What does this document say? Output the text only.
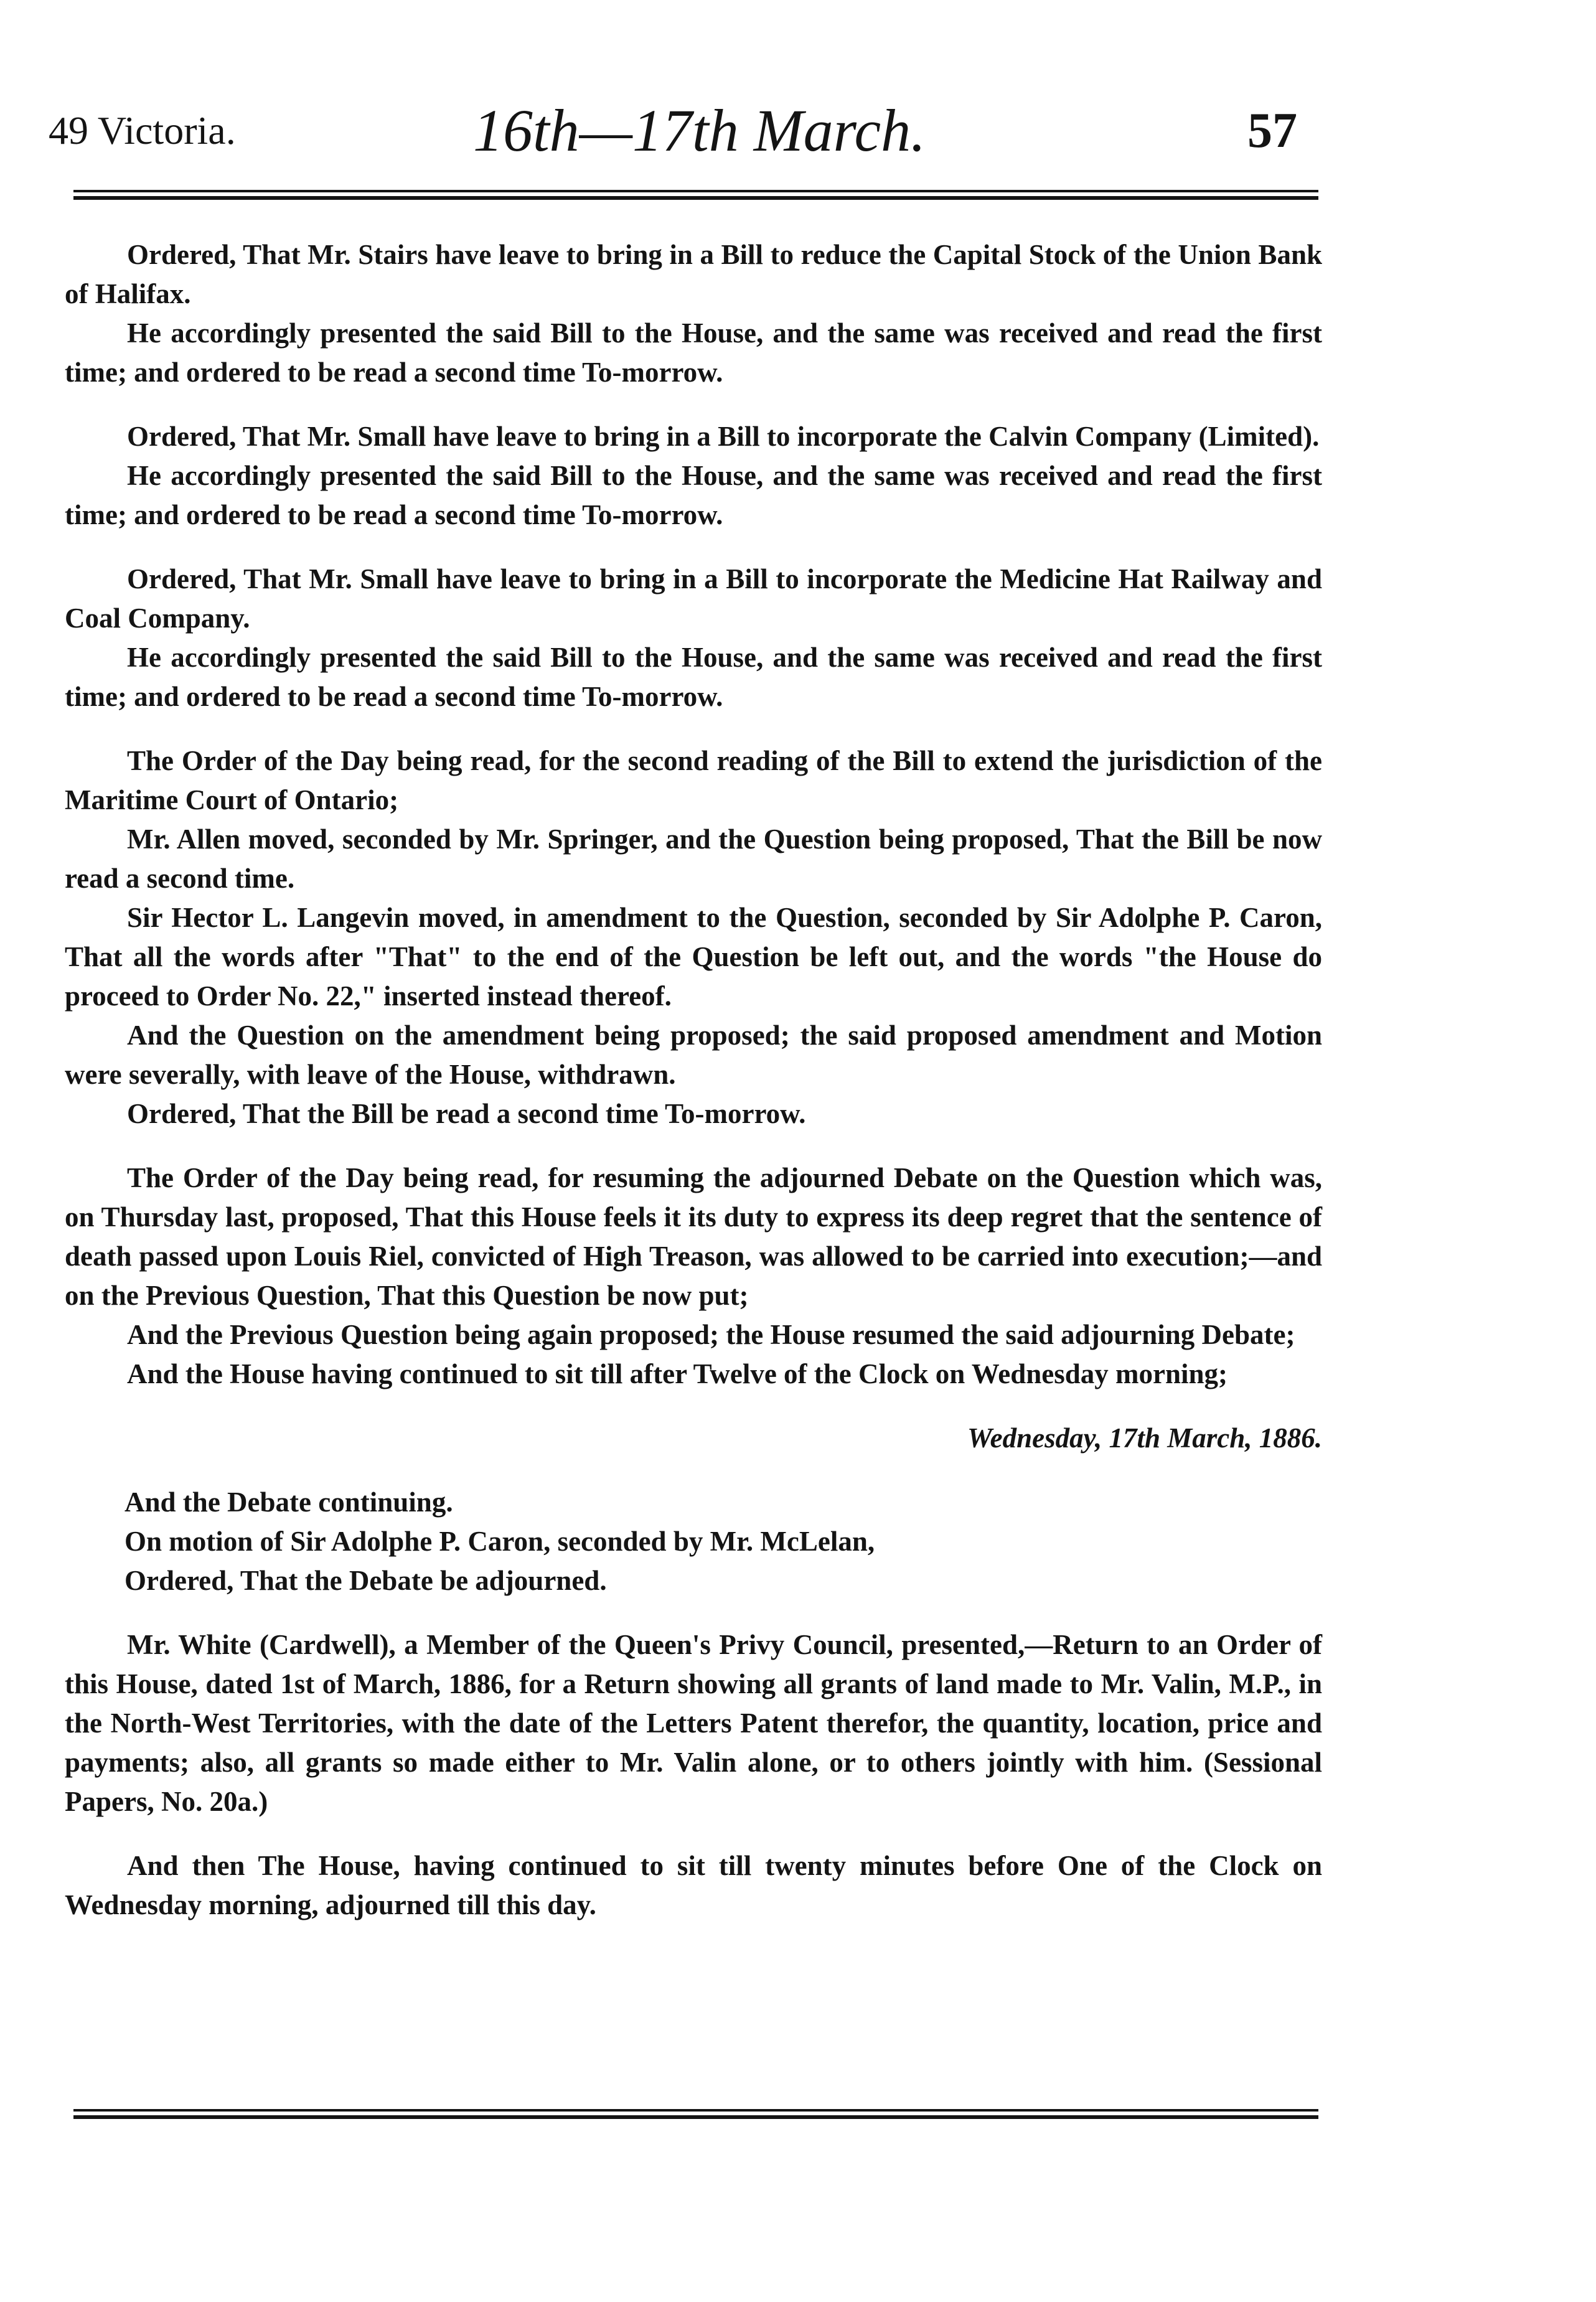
49 Victoria.	16th—17th March.	57

Ordered, That Mr. Stairs have leave to bring in a Bill to reduce the Capital Stock of the Union Bank of Halifax.

He accordingly presented the said Bill to the House, and the same was received and read the first time; and ordered to be read a second time To-morrow.

Ordered, That Mr. Small have leave to bring in a Bill to incorporate the Calvin Company (Limited).

He accordingly presented the said Bill to the House, and the same was received and read the first time; and ordered to be read a second time To-morrow.

Ordered, That Mr. Small have leave to bring in a Bill to incorporate the Medicine Hat Railway and Coal Company.

He accordingly presented the said Bill to the House, and the same was received and read the first time; and ordered to be read a second time To-morrow.

The Order of the Day being read, for the second reading of the Bill to extend the jurisdiction of the Maritime Court of Ontario;

Mr. Allen moved, seconded by Mr. Springer, and the Question being proposed, That the Bill be now read a second time.

Sir Hector L. Langevin moved, in amendment to the Question, seconded by Sir Adolphe P. Caron, That all the words after "That" to the end of the Question be left out, and the words "the House do proceed to Order No. 22," inserted instead thereof.

And the Question on the amendment being proposed; the said proposed amendment and Motion were severally, with leave of the House, withdrawn.

Ordered, That the Bill be read a second time To-morrow.

The Order of the Day being read, for resuming the adjourned Debate on the Question which was, on Thursday last, proposed, That this House feels it its duty to express its deep regret that the sentence of death passed upon Louis Riel, convicted of High Treason, was allowed to be carried into execution;—and on the Previous Question, That this Question be now put;

And the Previous Question being again proposed; the House resumed the said adjourning Debate;

And the House having continued to sit till after Twelve of the Clock on Wednesday morning;

Wednesday, 17th March, 1886.

And the Debate continuing.

On motion of Sir Adolphe P. Caron, seconded by Mr. McLelan,

Ordered, That the Debate be adjourned.

Mr. White (Cardwell), a Member of the Queen's Privy Council, presented,—Return to an Order of this House, dated 1st of March, 1886, for a Return showing all grants of land made to Mr. Valin, M.P., in the North-West Territories, with the date of the Letters Patent therefor, the quantity, location, price and payments; also, all grants so made either to Mr. Valin alone, or to others jointly with him. (Sessional Papers, No. 20a.)

And then The House, having continued to sit till twenty minutes before One of the Clock on Wednesday morning, adjourned till this day.
